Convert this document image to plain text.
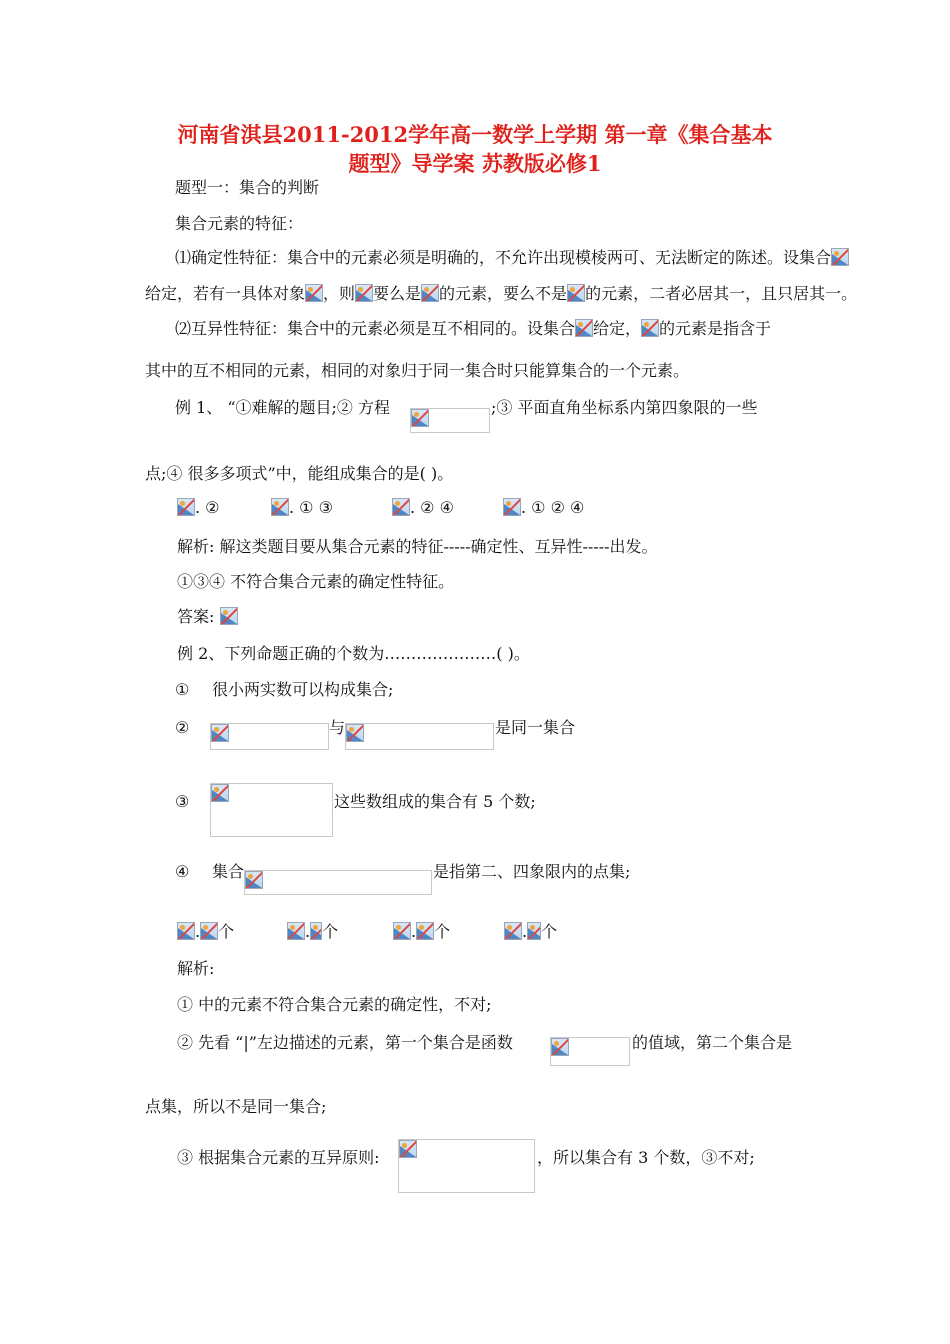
河南省淇县2011-2012学年高一数学上学期 第一章《集合基本
题型》导学案 苏教版必修1
题型一：集合的判断
集合元素的特征：
⑴确定性特征：集合中的元素必须是明确的，不允许出现模棱两可、无法断定的陈述。设集合
给定，若有一具体对象 ，则 要么是 的元素，要么不是 的元素，二者必居其一，且只居其一。
⑵互异性特征：集合中的元素必须是互不相同的。设集合 给定， 的元素是指含于
其中的互不相同的元素，相同的对象归于同一集合时只能算集合的一个元素。
例 1、 “①难解的题目;② 方程	;③ 平面直角坐标系内第四象限的一些
点;④ 很多多项式”中，能组成集合的是( )。
. ②	. ① ③	. ② ④	. ① ② ④
解析: 解这类题目要从集合元素的特征-----确定性、互异性-----出发。
①③④ 不符合集合元素的确定性特征。
答案:
例 2、下列命题正确的个数为…………………( )。
① 很小两实数可以构成集合;
②	与	是同一集合
③	这些数组成的集合有 5 个数;
④ 集合	是指第二、四象限内的点集;
. 个	. 个	. 个	. 个
解析:
① 中的元素不符合集合元素的确定性，不对;
② 先看 “|”左边描述的元素，第一个集合是函数	的值域，第二个集合是
点集，所以不是同一集合;
③ 根据集合元素的互异原则:	，所以集合有 3 个数，③不对;
